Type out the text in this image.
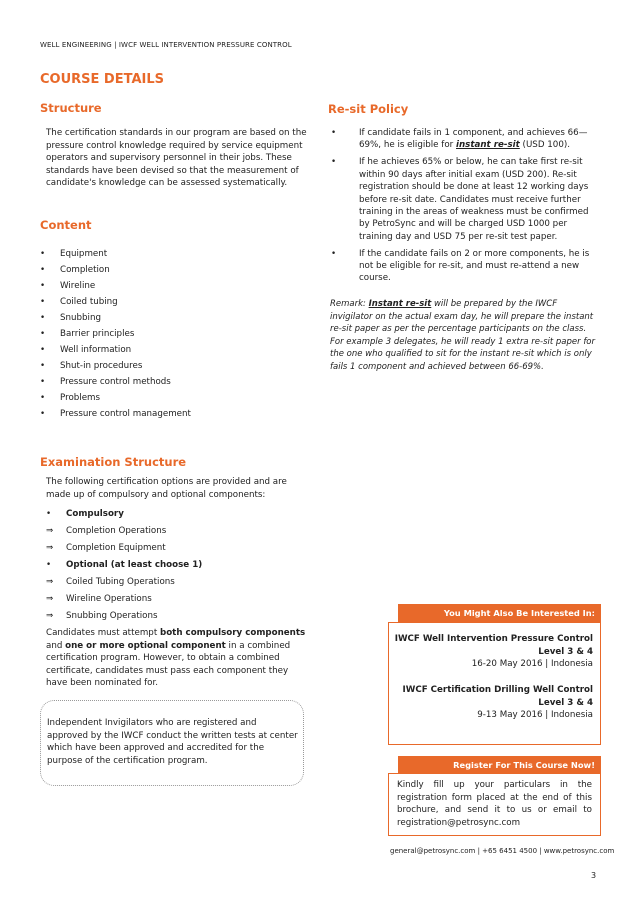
WELL ENGINEERING | IWCF WELL INTERVENTION PRESSURE CONTROL
COURSE DETAILS
Structure
The certification standards in our program are based on the pressure control knowledge required by service equipment operators and supervisory personnel in their jobs. These standards have been devised so that the measurement of candidate's knowledge can be assessed systematically.
Content
• Equipment
• Completion
• Wireline
• Coiled tubing
• Snubbing
• Barrier principles
• Well information
• Shut-in procedures
• Pressure control methods
• Problems
• Pressure control management
Re-sit Policy
•	If candidate fails in 1 component, and achieves 66—69%, he is eligible for instant re-sit (USD 100).
•	If he achieves 65% or below, he can take first re-sit within 90 days after initial exam (USD 200). Re-sit registration should be done at least 12 working days before re-sit date. Candidates must receive further training in the areas of weakness must be confirmed by PetroSync and will be charged USD 1000 per training day and USD 75 per re-sit test paper.
•	If the candidate fails on 2 or more components, he is not be eligible for re-sit, and must re-attend a new course.
Remark: Instant re-sit will be prepared by the IWCF invigilator on the actual exam day, he will prepare the instant re-sit paper as per the percentage participants on the class. For example 3 delegates, he will ready 1 extra re-sit paper for the one who qualified to sit for the instant re-sit which is only fails 1 component and achieved between 66-69%.
Examination Structure
The following certification options are provided and are made up of compulsory and optional components:
• Compulsory
⇒ Completion Operations
⇒ Completion Equipment
• Optional (at least choose 1)
⇒ Coiled Tubing Operations
⇒ Wireline Operations
⇒ Snubbing Operations
Candidates must attempt both compulsory components and one or more optional component in a combined certification program. However, to obtain a combined certificate, candidates must pass each component they have been nominated for.
Independent Invigilators who are registered and approved by the IWCF conduct the written tests at center which have been approved and accredited for the purpose of the certification program.
You Might Also Be Interested In:
IWCF Well Intervention Pressure Control
Level 3 & 4
16-20 May 2016 | Indonesia
IWCF Certification Drilling Well Control
Level 3 & 4
9-13 May 2016 | Indonesia
Register For This Course Now!
Kindly fill up your particulars in the registration form placed at the end of this brochure, and send it to us or email to registration@petrosync.com
general@petrosync.com | +65 6451 4500 | www.petrosync.com
3
